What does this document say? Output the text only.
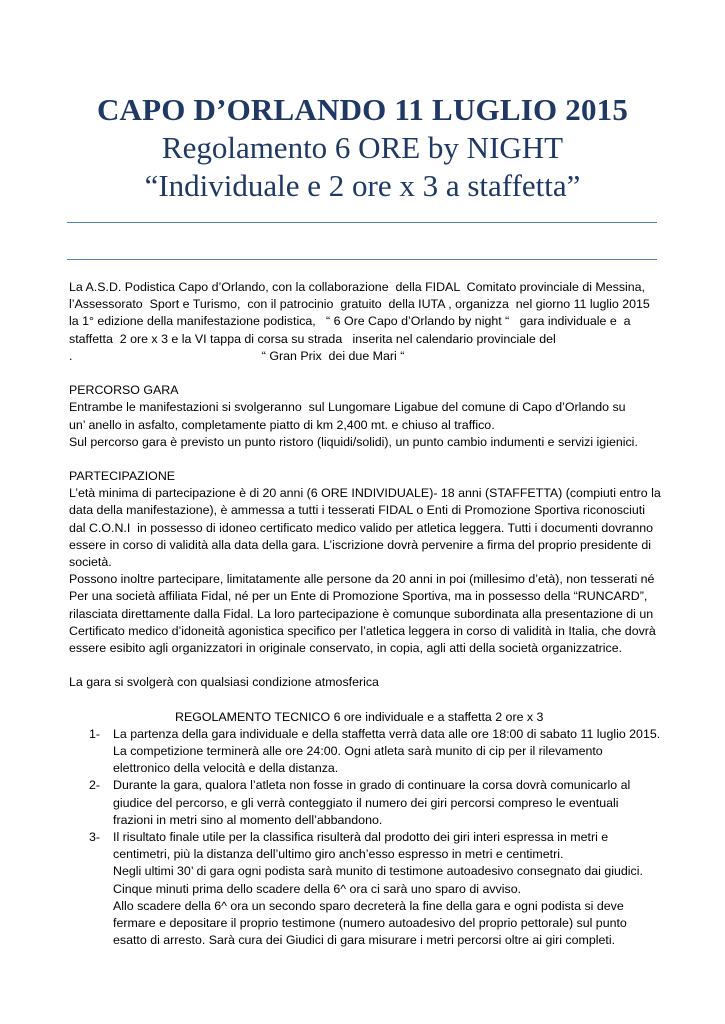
CAPO D’ORLANDO 11 LUGLIO 2015
Regolamento 6 ORE by NIGHT
“Individuale e 2 ore x 3 a staffetta”
La A.S.D. Podistica Capo d’Orlando, con la collaborazione  della FIDAL  Comitato provinciale di Messina,
l’Assessorato  Sport e Turismo,  con il patrocinio  gratuito  della IUTA , organizza  nel giorno 11 luglio 2015
la 1° edizione della manifestazione podistica,   “ 6 Ore Capo d’Orlando by night “   gara individuale e  a
staffetta  2 ore x 3 e la VI tappa di corsa su strada   inserita nel calendario provinciale del
.                                                       “ Gran Prix  dei due Mari “
PERCORSO GARA
Entrambe le manifestazioni si svolgeranno  sul Lungomare Ligabue del comune di Capo d’Orlando su
un’ anello in asfalto, completamente piatto di km 2,400 mt. e chiuso al traffico.
Sul percorso gara è previsto un punto ristoro (liquidi/solidi), un punto cambio indumenti e servizi igienici.
PARTECIPAZIONE
L’età minima di partecipazione è di 20 anni (6 ORE INDIVIDUALE)- 18 anni (STAFFETTA) (compiuti entro la
data della manifestazione), è ammessa a tutti i tesserati FIDAL o Enti di Promozione Sportiva riconosciuti
dal C.O.N.I  in possesso di idoneo certificato medico valido per atletica leggera. Tutti i documenti dovranno
essere in corso di validità alla data della gara. L’iscrizione dovrà pervenire a firma del proprio presidente di
società.
Possono inoltre partecipare, limitatamente alle persone da 20 anni in poi (millesimo d’età), non tesserati né
Per una società affiliata Fidal, né per un Ente di Promozione Sportiva, ma in possesso della “RUNCARD”,
rilasciata direttamente dalla Fidal. La loro partecipazione è comunque subordinata alla presentazione di un
Certificato medico d’idoneità agonistica specifico per l’atletica leggera in corso di validità in Italia, che dovrà
essere esibito agli organizzatori in originale conservato, in copia, agli atti della società organizzatrice.
La gara si svolgerà con qualsiasi condizione atmosferica
REGOLAMENTO TECNICO 6 ore individuale e a staffetta 2 ore x 3
1- La partenza della gara individuale e della staffetta verrà data alle ore 18:00 di sabato 11 luglio 2015.
La competizione terminerà alle ore 24:00. Ogni atleta sarà munito di cip per il rilevamento
elettronico della velocità e della distanza.
2- Durante la gara, qualora l’atleta non fosse in grado di continuare la corsa dovrà comunicarlo al
giudice del percorso, e gli verrà conteggiato il numero dei giri percorsi compreso le eventuali
frazioni in metri sino al momento dell’abbandono.
3- Il risultato finale utile per la classifica risulterà dal prodotto dei giri interi espressa in metri e
centimetri, più la distanza dell’ultimo giro anch’esso espresso in metri e centimetri.
Negli ultimi 30’ di gara ogni podista sarà munito di testimone autoadesivo consegnato dai giudici.
Cinque minuti prima dello scadere della 6^ ora ci sarà uno sparo di avviso.
Allo scadere della 6^ ora un secondo sparo decreterà la fine della gara e ogni podista si deve
fermare e depositare il proprio testimone (numero autoadesivo del proprio pettorale) sul punto
esatto di arresto. Sarà cura dei Giudici di gara misurare i metri percorsi oltre ai giri completi.
